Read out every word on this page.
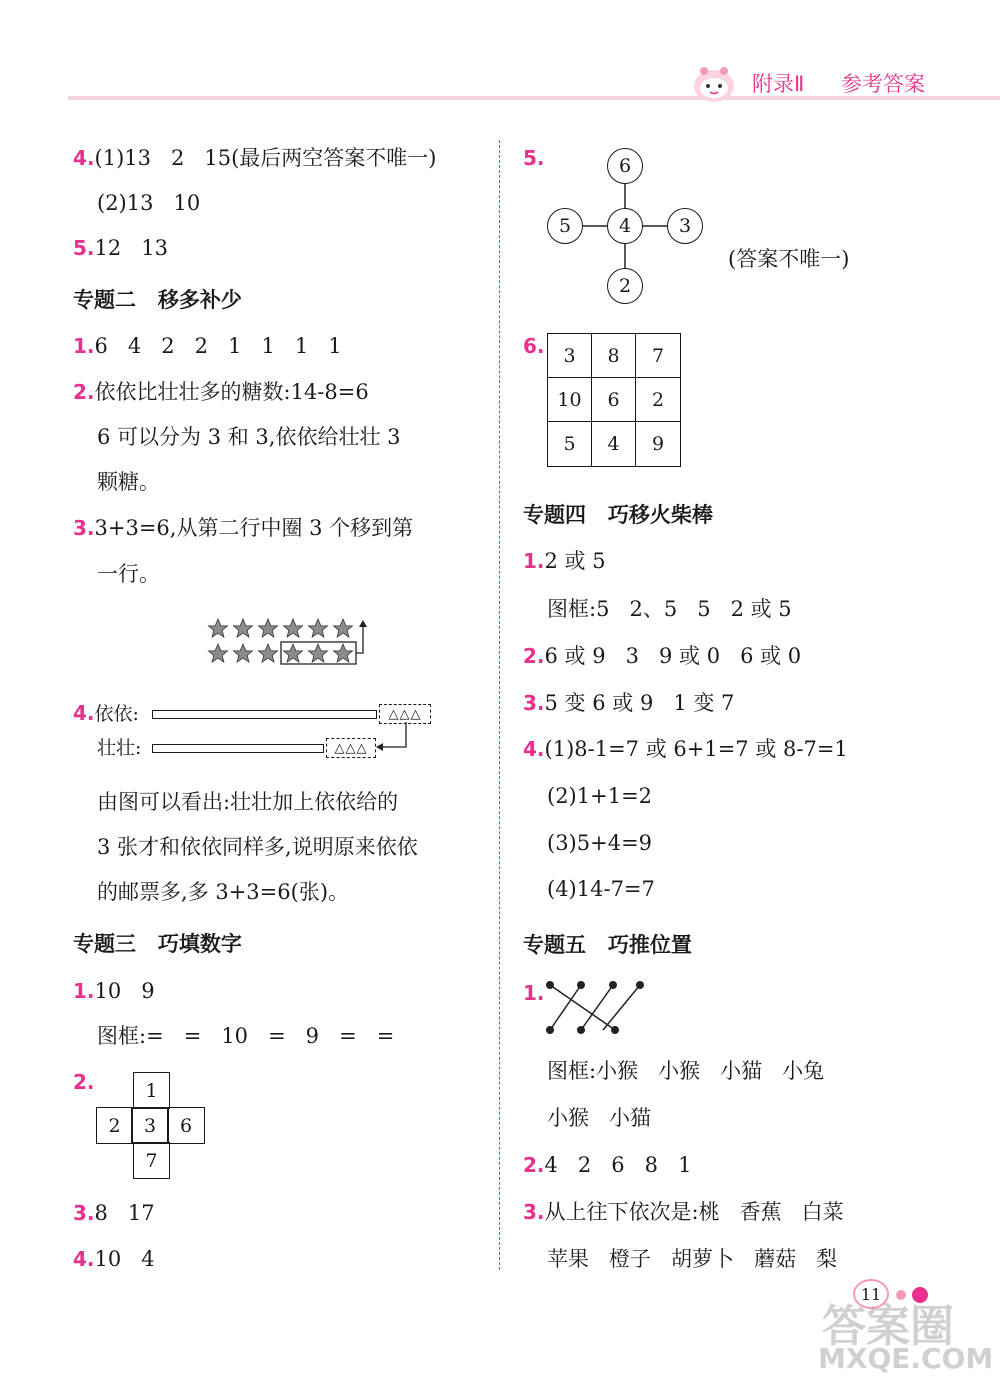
附录Ⅱ 参考答案
4.(1)13   2   15(最后两空答案不唯一)
(2)13   10
5.12   13
专题二   移多补少
1.6   4   2   2   1   1   1   1
2.依依比壮壮多的糖数:14-8=6
6 可以分为 3 和 3,依依给壮壮 3
颗糖。
3.3+3=6,从第二行中圈 3 个移到第
一行。
4.依依:	△△△
壮壮:	△△△
由图可以看出:壮壮加上依依给的
3 张才和依依同样多,说明原来依依
的邮票多,多 3+3=6(张)。
专题三   巧填数字
1.10   9
图框:=   =   10   =   9   =   =
2.	1
2	3	6
7
3.8   17
4.10   4
5.	6
5	4	3
2
(答案不唯一)
6. 3	8	7
10	6	2
5	4	9
专题四   巧移火柴棒
1.2 或 5
图框:5   2、5   5   2 或 5
2.6 或 9   3   9 或 0   6 或 0
3.5 变 6 或 9   1 变 7
4.(1)8-1=7 或 6+1=7 或 8-7=1
(2)1+1=2
(3)5+4=9
(4)14-7=7
专题五   巧推位置
1.
图框:小猴   小猴   小猫   小兔
小猴   小猫
2.4   2   6   8   1
3.从上往下依次是:桃   香蕉   白菜
苹果   橙子   胡萝卜   蘑菇   梨
11
答案圈
MXQE.COM
